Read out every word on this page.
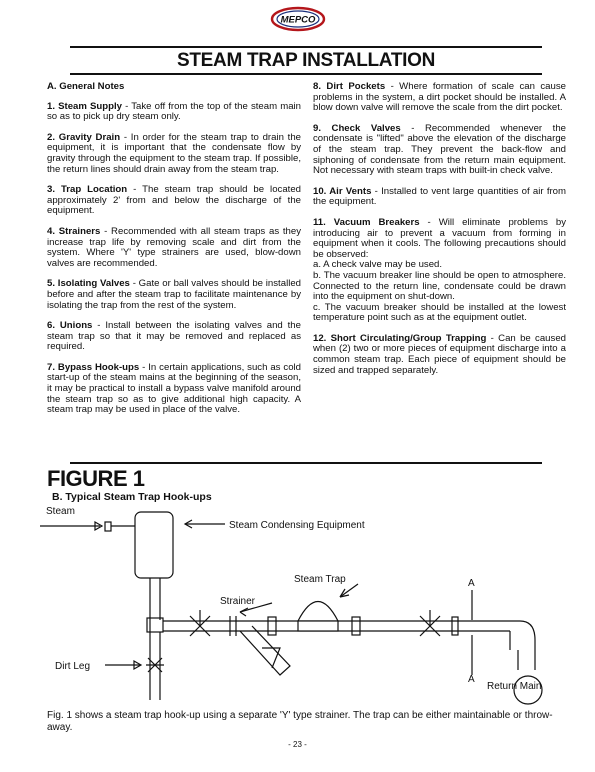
MEPCO
STEAM TRAP INSTALLATION
A. General Notes

1. Steam Supply - Take off from the top of the steam main so as to pick up dry steam only.

2. Gravity Drain - In order for the steam trap to drain the equipment, it is important that the condensate flow by gravity through the equipment to the steam trap. If possible, the return lines should drain away from the steam trap.

3. Trap Location - The steam trap should be located approximately 2' from and below the discharge of the equipment.

4. Strainers - Recommended with all steam traps as they increase trap life by removing scale and dirt from the system. Where 'Y' type strainers are used, blow-down valves are recommended.

5. Isolating Valves - Gate or ball valves should be installed before and after the steam trap to facilitate maintenance by isolating the trap from the rest of the system.

6. Unions - Install between the isolating valves and the steam trap so that it may be removed and replaced as required.

7. Bypass Hook-ups - In certain applications, such as cold start-up of the steam mains at the beginning of the season, it may be practical to install a bypass valve manifold around the steam trap so as to give additional high capacity. A steam trap may be used in place of the valve.

8. Dirt Pockets - Where formation of scale can cause problems in the system, a dirt pocket should be installed. A blow down valve will remove the scale from the dirt pocket.

9. Check Valves - Recommended whenever the condensate is "lifted" above the elevation of the discharge of the steam trap. They prevent the back-flow and siphoning of condensate from the return main equipment. Not necessary with steam traps with built-in check valve.

10. Air Vents - Installed to vent large quantities of air from the equipment.

11. Vacuum Breakers - Will eliminate problems by introducing air to prevent a vacuum from forming in equipment when it cools. The following precautions should be observed:

a. A check valve may be used.

b. The vacuum breaker line should be open to atmosphere. Connected to the return line, condensate could be drawn into the equipment on shut-down.

c. The vacuum breaker should be installed at the lowest temperature point such as at the equipment outlet.

12. Short Circulating/Group Trapping - Can be caused when (2) two or more pieces of equipment discharge into a common steam trap. Each piece of equipment should be sized and trapped separately.

FIGURE 1
B. Typical Steam Trap Hook-ups
Steam
Steam Condensing Equipment
Steam Trap
Strainer
Dirt Leg
A
A
Return Main
Fig. 1 shows a steam trap hook-up using a separate 'Y' type strainer. The trap can be either maintainable or throw-away.
- 23 -
